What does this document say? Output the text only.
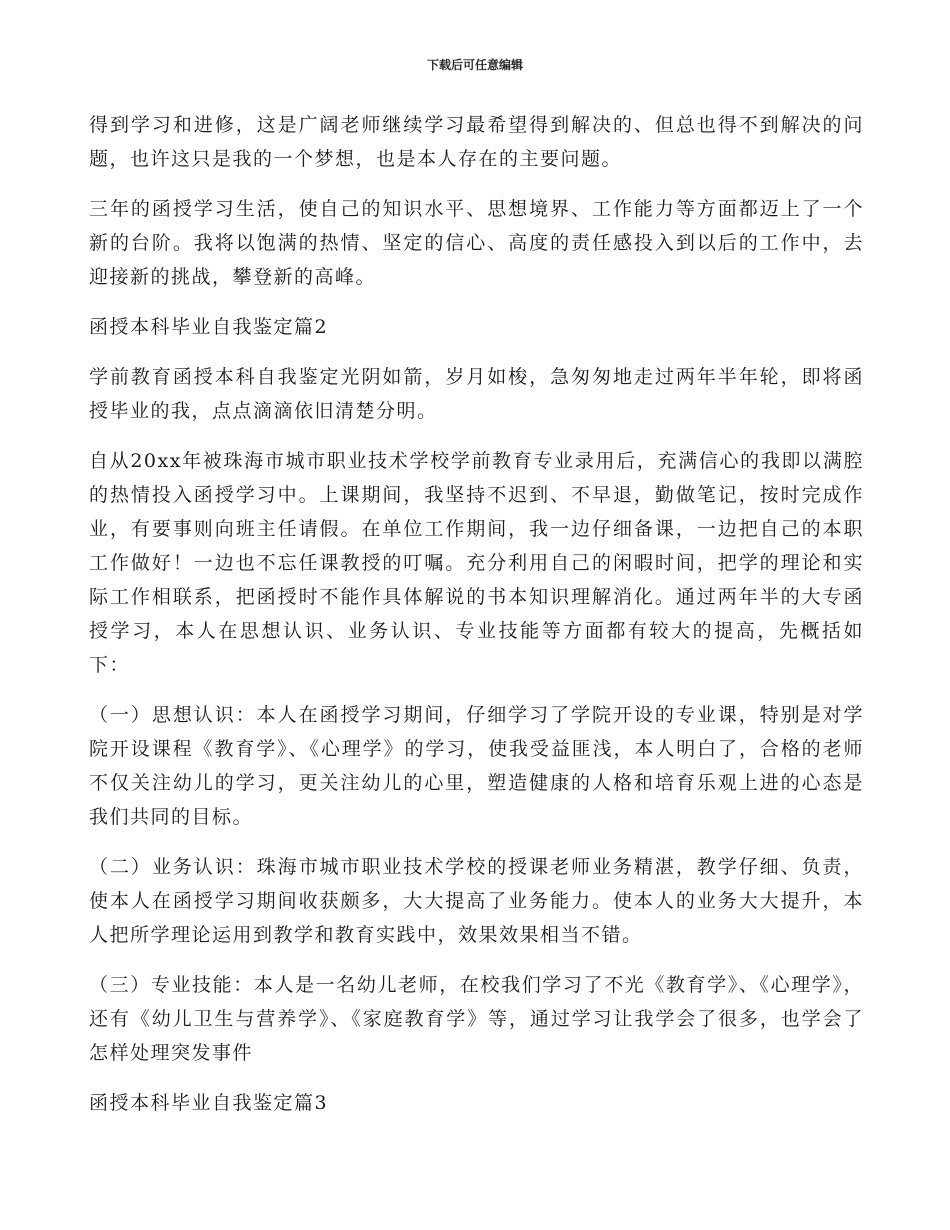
下载后可任意编辑

得到学习和进修，这是广阔老师继续学习最希望得到解决的、但总也得不到解决的问题，也许这只是我的一个梦想，也是本人存在的主要问题。

三年的函授学习生活，使自己的知识水平、思想境界、工作能力等方面都迈上了一个新的台阶。我将以饱满的热情、坚定的信心、高度的责任感投入到以后的工作中，去迎接新的挑战，攀登新的高峰。

函授本科毕业自我鉴定篇2

学前教育函授本科自我鉴定光阴如箭，岁月如梭，急匆匆地走过两年半年轮，即将函授毕业的我，点点滴滴依旧清楚分明。

自从20xx年被珠海市城市职业技术学校学前教育专业录用后，充满信心的我即以满腔的热情投入函授学习中。上课期间，我坚持不迟到、不早退，勤做笔记，按时完成作业，有要事则向班主任请假。在单位工作期间，我一边仔细备课，一边把自己的本职工作做好！一边也不忘任课教授的叮嘱。充分利用自己的闲暇时间，把学的理论和实际工作相联系，把函授时不能作具体解说的书本知识理解消化。通过两年半的大专函授学习，本人在思想认识、业务认识、专业技能等方面都有较大的提高，先概括如下：

（一）思想认识：本人在函授学习期间，仔细学习了学院开设的专业课，特别是对学院开设课程《教育学》、《心理学》的学习，使我受益匪浅，本人明白了，合格的老师不仅关注幼儿的学习，更关注幼儿的心里，塑造健康的人格和培育乐观上进的心态是我们共同的目标。

（二）业务认识：珠海市城市职业技术学校的授课老师业务精湛，教学仔细、负责，使本人在函授学习期间收获颇多，大大提高了业务能力。使本人的业务大大提升，本人把所学理论运用到教学和教育实践中，效果效果相当不错。

（三）专业技能：本人是一名幼儿老师，在校我们学习了不光《教育学》、《心理学》，还有《幼儿卫生与营养学》、《家庭教育学》等，通过学习让我学会了很多，也学会了怎样处理突发事件

函授本科毕业自我鉴定篇3
